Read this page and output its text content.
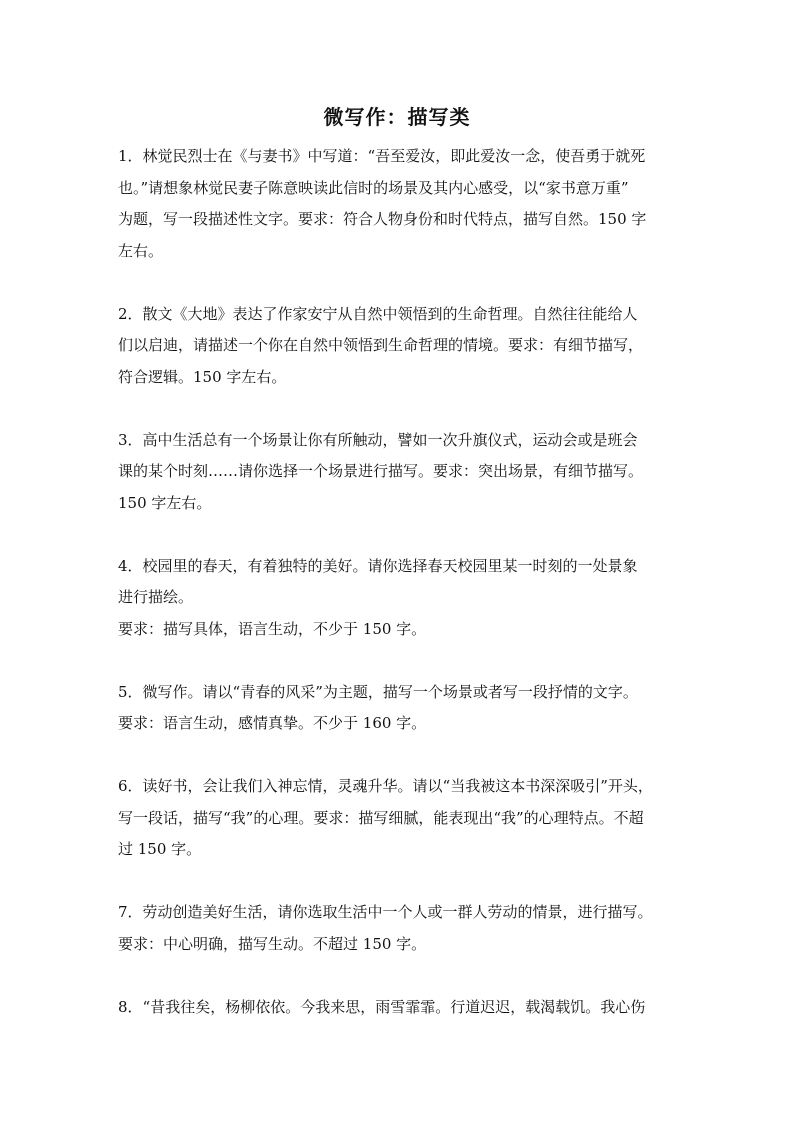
微写作：描写类
1．林觉民烈士在《与妻书》中写道：“吾至爱汝，即此爱汝一念，使吾勇于就死
也。”请想象林觉民妻子陈意映读此信时的场景及其内心感受，以“家书意万重”
为题，写一段描述性文字。要求：符合人物身份和时代特点，描写自然。150 字
左右。
2．散文《大地》表达了作家安宁从自然中领悟到的生命哲理。自然往往能给人
们以启迪，请描述一个你在自然中领悟到生命哲理的情境。要求：有细节描写，
符合逻辑。150 字左右。
3．高中生活总有一个场景让你有所触动，譬如一次升旗仪式，运动会或是班会
课的某个时刻……请你选择一个场景进行描写。要求：突出场景，有细节描写。
150 字左右。
4．校园里的春天，有着独特的美好。请你选择春天校园里某一时刻的一处景象
进行描绘。
要求：描写具体，语言生动，不少于 150 字。
5．微写作。请以“青春的风采”为主题，描写一个场景或者写一段抒情的文字。
要求：语言生动，感情真挚。不少于 160 字。
6．读好书，会让我们入神忘情，灵魂升华。请以“当我被这本书深深吸引”开头，
写一段话，描写“我”的心理。要求：描写细腻，能表现出“我”的心理特点。不超
过 150 字。
7．劳动创造美好生活，请你选取生活中一个人或一群人劳动的情景，进行描写。
要求：中心明确，描写生动。不超过 150 字。
8．“昔我往矣，杨柳依依。今我来思，雨雪霏霏。行道迟迟，载渴载饥。我心伤
